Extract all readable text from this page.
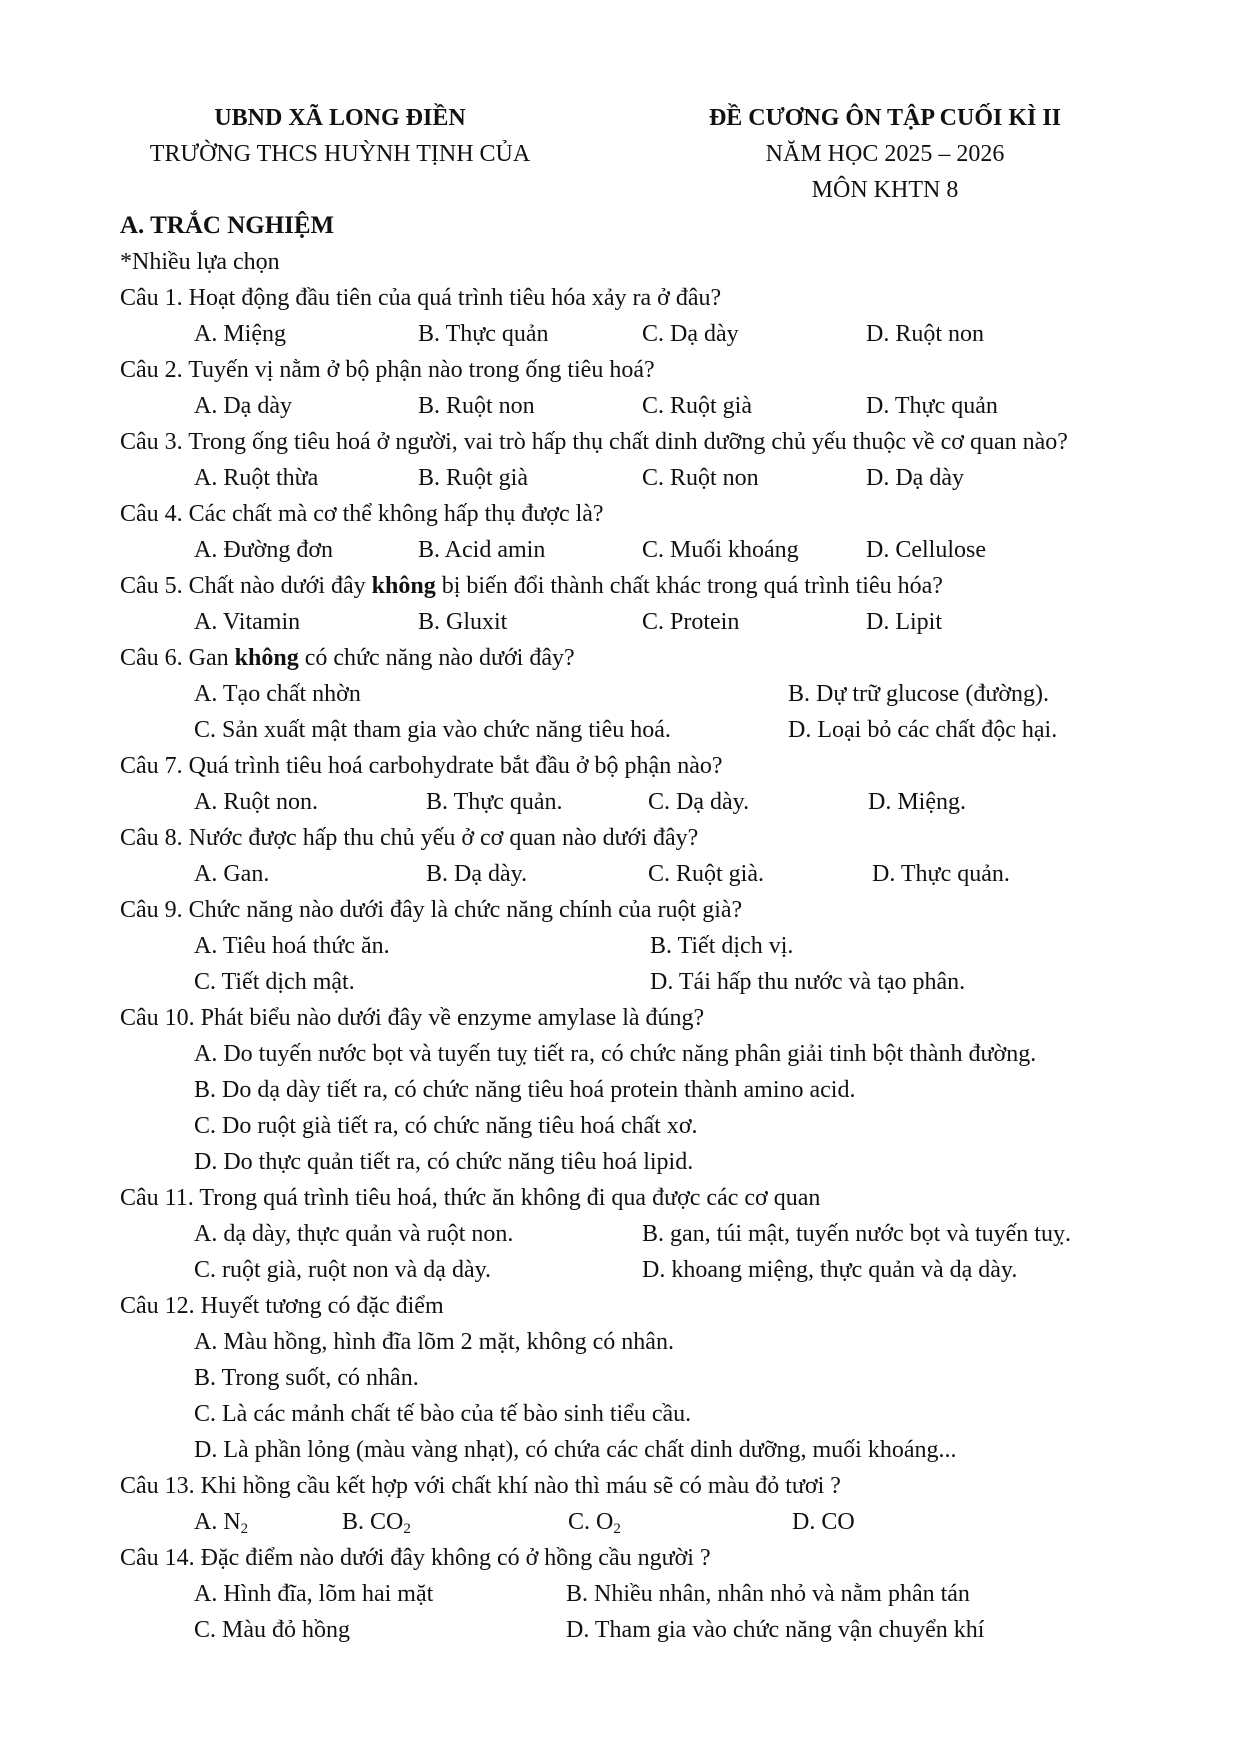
UBND XÃ LONG ĐIỀN
TRƯỜNG THCS HUỲNH TỊNH CỦA
ĐỀ CƯƠNG ÔN TẬP CUỐI KÌ II
NĂM HỌC 2025 – 2026
MÔN KHTN 8
A. TRẮC NGHIỆM
*Nhiều lựa chọn
Câu 1. Hoạt động đầu tiên của quá trình tiêu hóa xảy ra ở đâu?
A. Miệng	B. Thực quản	C. Dạ dày	D. Ruột non
Câu 2. Tuyến vị nằm ở bộ phận nào trong ống tiêu hoá?
A. Dạ dày	B. Ruột non	C. Ruột già	D. Thực quản
Câu 3. Trong ống tiêu hoá ở người, vai trò hấp thụ chất dinh dưỡng chủ yếu thuộc về cơ quan nào?
A. Ruột thừa	B. Ruột già	C. Ruột non	D. Dạ dày
Câu 4. Các chất mà cơ thể không hấp thụ được là?
A. Đường đơn	B. Acid amin	C. Muối khoáng	D. Cellulose
Câu 5. Chất nào dưới đây không bị biến đổi thành chất khác trong quá trình tiêu hóa?
A. Vitamin	B. Gluxit	C. Protein	D. Lipit
Câu 6. Gan không có chức năng nào dưới đây?
A. Tạo chất nhờn	B. Dự trữ glucose (đường).
C. Sản xuất mật tham gia vào chức năng tiêu hoá.	D. Loại bỏ các chất độc hại.
Câu 7. Quá trình tiêu hoá carbohydrate bắt đầu ở bộ phận nào?
A. Ruột non.	B. Thực quản.	C. Dạ dày.	D. Miệng.
Câu 8. Nước được hấp thu chủ yếu ở cơ quan nào dưới đây?
A. Gan.	B. Dạ dày.	C. Ruột già.	D. Thực quản.
Câu 9. Chức năng nào dưới đây là chức năng chính của ruột già?
A. Tiêu hoá thức ăn.	B. Tiết dịch vị.
C. Tiết dịch mật.	D. Tái hấp thu nước và tạo phân.
Câu 10. Phát biểu nào dưới đây về enzyme amylase là đúng?
A. Do tuyến nước bọt và tuyến tuỵ tiết ra, có chức năng phân giải tinh bột thành đường.
B. Do dạ dày tiết ra, có chức năng tiêu hoá protein thành amino acid.
C. Do ruột già tiết ra, có chức năng tiêu hoá chất xơ.
D. Do thực quản tiết ra, có chức năng tiêu hoá lipid.
Câu 11. Trong quá trình tiêu hoá, thức ăn không đi qua được các cơ quan
A. dạ dày, thực quản và ruột non.	B. gan, túi mật, tuyến nước bọt và tuyến tuỵ.
C. ruột già, ruột non và dạ dày.	D. khoang miệng, thực quản và dạ dày.
Câu 12. Huyết tương có đặc điểm
A. Màu hồng, hình đĩa lõm 2 mặt, không có nhân.
B. Trong suốt, có nhân.
C. Là các mảnh chất tế bào của tế bào sinh tiểu cầu.
D. Là phần lỏng (màu vàng nhạt), có chứa các chất dinh dưỡng, muối khoáng...
Câu 13. Khi hồng cầu kết hợp với chất khí nào thì máu sẽ có màu đỏ tươi ?
A. $N_2$	B. $CO_2$	C. $O_2$	D. CO
Câu 14. Đặc điểm nào dưới đây không có ở hồng cầu người ?
A. Hình đĩa, lõm hai mặt	B. Nhiều nhân, nhân nhỏ và nằm phân tán
C. Màu đỏ hồng	D. Tham gia vào chức năng vận chuyển khí
